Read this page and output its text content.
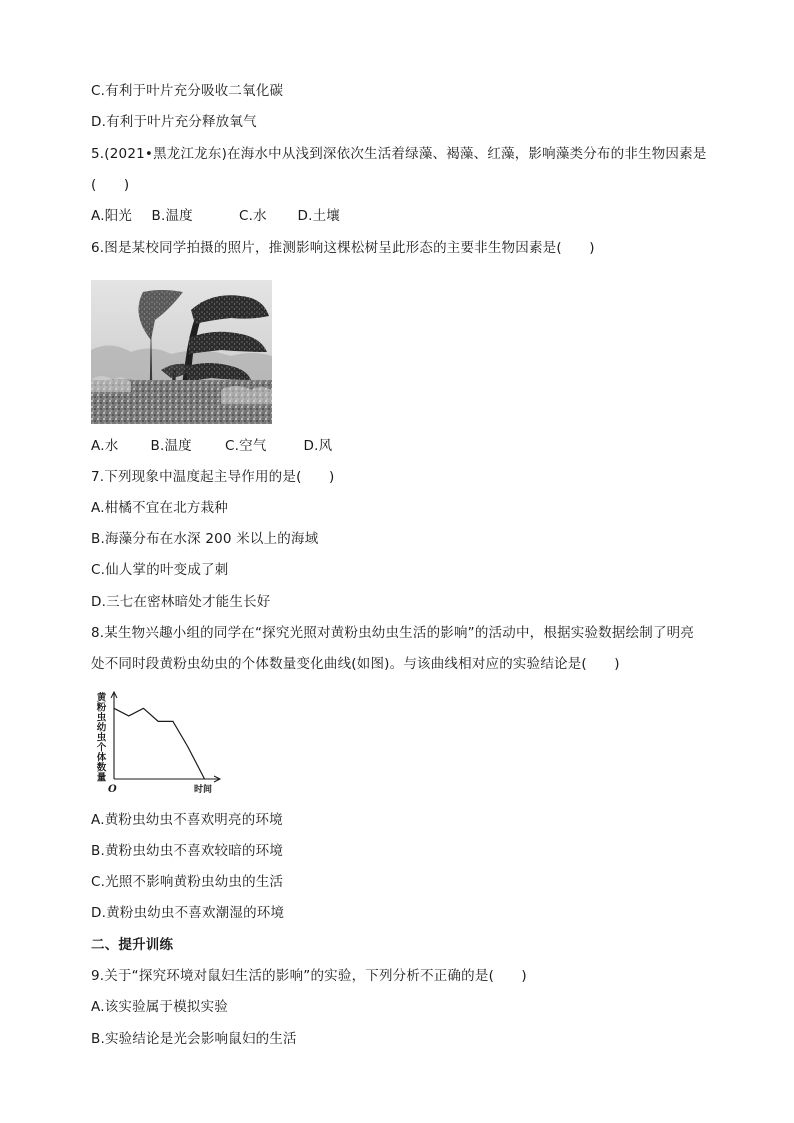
C.有利于叶片充分吸收二氧化碳
D.有利于叶片充分释放氧气
5.(2021•黑龙江龙东)在海水中从浅到深依次生活着绿藻、褐藻、红藻，影响藻类分布的非生物因素是
(　　)
A.阳光 B.温度	C.水 D.土壤
6.图是某校同学拍摄的照片，推测影响这棵松树呈此形态的主要非生物因素是(　　)
A.水 B.温度 C.空气	D.风
7.下列现象中温度起主导作用的是(　　)
A.柑橘不宜在北方栽种
B.海藻分布在水深 200 米以上的海域
C.仙人掌的叶变成了刺
D.三七在密林暗处才能生长好
8.某生物兴趣小组的同学在“探究光照对黄粉虫幼虫生活的影响”的活动中，根据实验数据绘制了明亮
处不同时段黄粉虫幼虫的个体数量变化曲线(如图)。与该曲线相对应的实验结论是(　　)
黄粉虫幼虫个体数量
O	时间
A.黄粉虫幼虫不喜欢明亮的环境
B.黄粉虫幼虫不喜欢较暗的环境
C.光照不影响黄粉虫幼虫的生活
D.黄粉虫幼虫不喜欢潮湿的环境
二、提升训练
9.关于“探究环境对鼠妇生活的影响”的实验，下列分析不正确的是(　　)
A.该实验属于模拟实验
B.实验结论是光会影响鼠妇的生活
